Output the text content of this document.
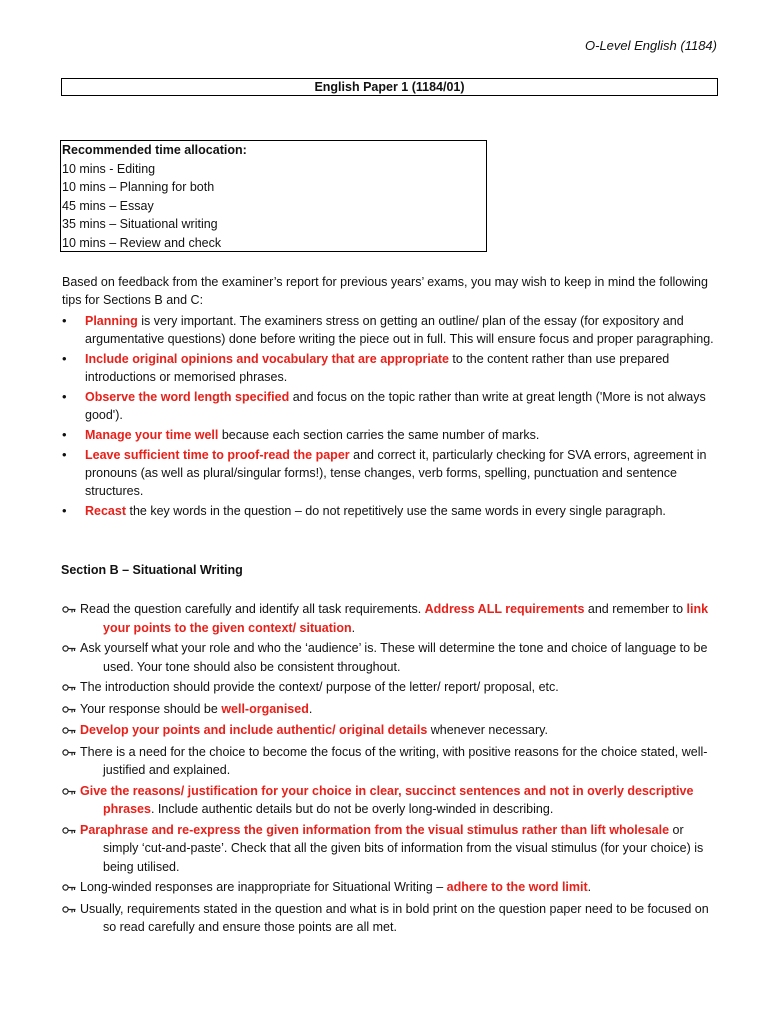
O-Level English (1184)
English Paper 1 (1184/01)
Recommended time allocation:
10 mins - Editing
10 mins – Planning for both
45 mins – Essay
35 mins – Situational writing
10 mins – Review and check
Based on feedback from the examiner’s report for previous years’ exams, you may wish to keep in mind the following tips for Sections B and C:
•	Planning is very important. The examiners stress on getting an outline/ plan of the essay (for expository and argumentative questions) done before writing the piece out in full. This will ensure focus and proper paragraphing.
•	Include original opinions and vocabulary that are appropriate to the content rather than use prepared introductions or memorised phrases.
•	Observe the word length specified and focus on the topic rather than write at great length ('More is not always good').
•	Manage your time well because each section carries the same number of marks.
•	Leave sufficient time to proof-read the paper and correct it, particularly checking for SVA errors, agreement in pronouns (as well as plural/singular forms!), tense changes, verb forms, spelling, punctuation and sentence structures.
•	Recast the key words in the question – do not repetitively use the same words in every single paragraph.
Section B – Situational Writing
Read the question carefully and identify all task requirements. Address ALL requirements and remember to link your points to the given context/ situation.
Ask yourself what your role and who the ‘audience’ is. These will determine the tone and choice of language to be used. Your tone should also be consistent throughout.
The introduction should provide the context/ purpose of the letter/ report/ proposal, etc.
Your response should be well-organised.
Develop your points and include authentic/ original details whenever necessary.
There is a need for the choice to become the focus of the writing, with positive reasons for the choice stated, well-justified and explained.
Give the reasons/ justification for your choice in clear, succinct sentences and not in overly descriptive phrases. Include authentic details but do not be overly long-winded in describing.
Paraphrase and re-express the given information from the visual stimulus rather than lift wholesale or simply ‘cut-and-paste’. Check that all the given bits of information from the visual stimulus (for your choice) is being utilised.
Long-winded responses are inappropriate for Situational Writing – adhere to the word limit.
Usually, requirements stated in the question and what is in bold print on the question paper need to be focused on so read carefully and ensure those points are all met.
